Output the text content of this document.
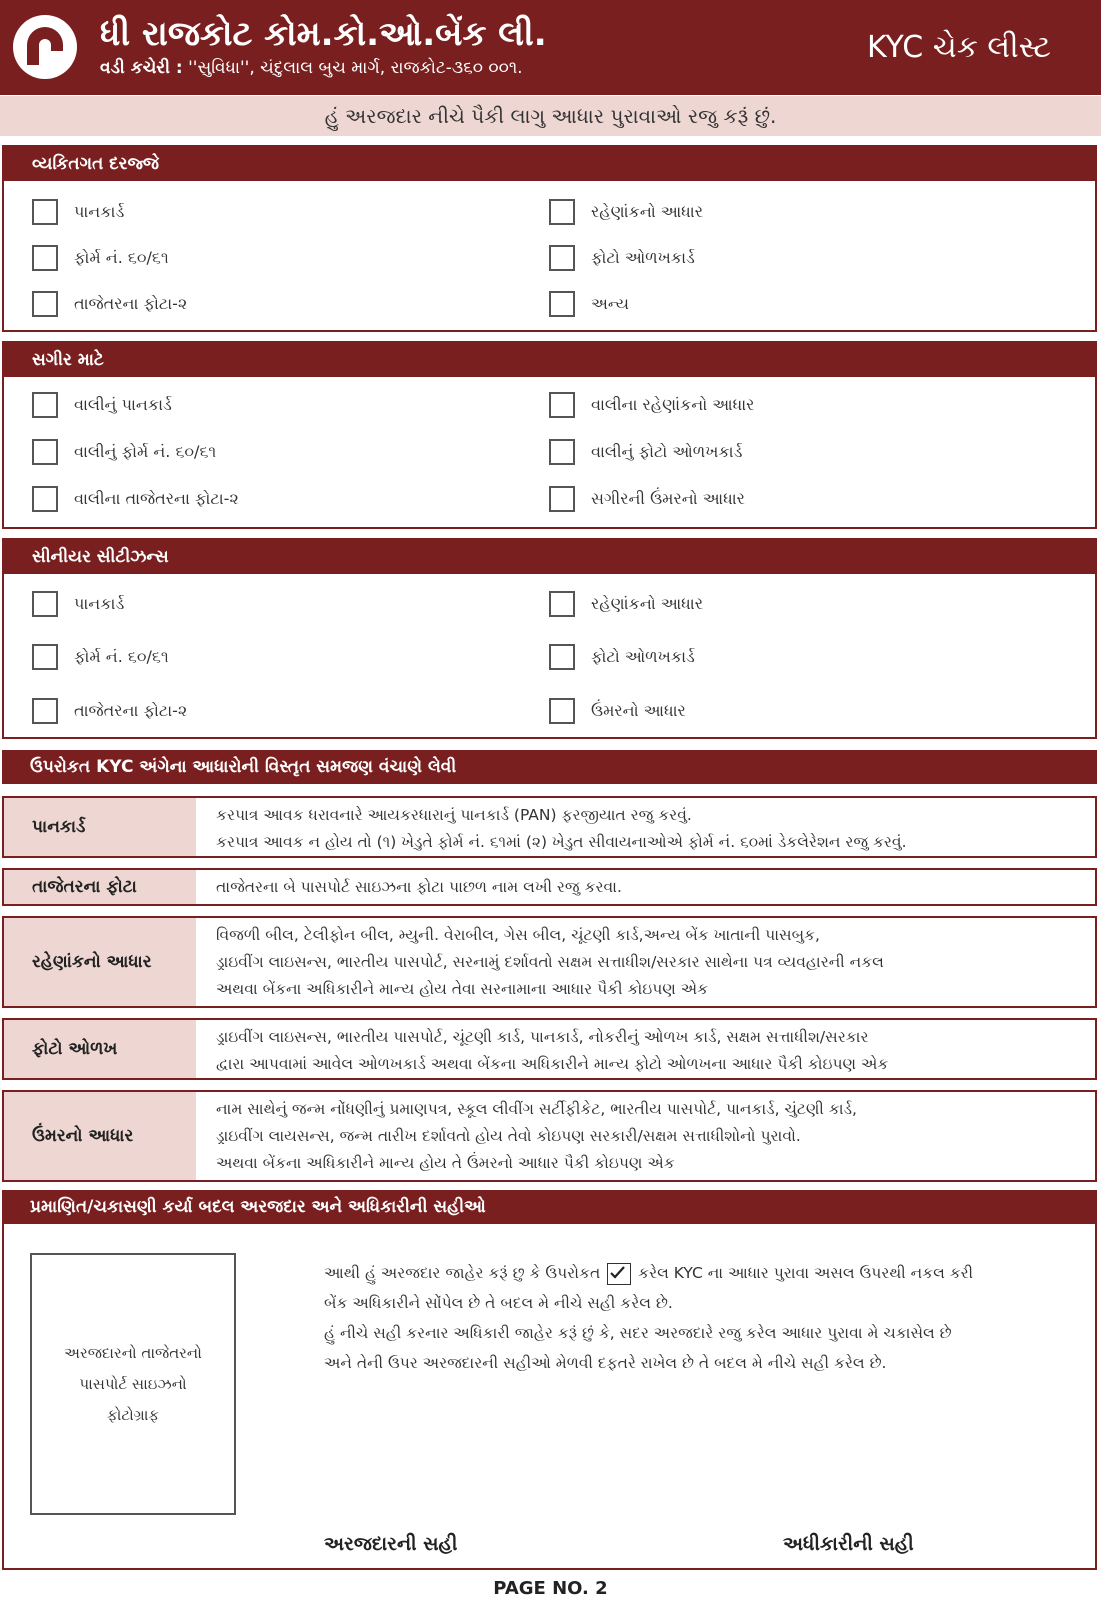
ધી રાજકોટ કોમ.કો.ઓ.બેંક લી.
વડી કચેરી : ''સુવિધા'', ચંદુલાલ બુચ માર્ગ, રાજકોટ-૩૬૦ ૦૦૧.
KYC ચેક લીસ્ટ
હું અરજદાર નીચે પૈકી લાગુ આધાર પુરાવાઓ રજુ કરૂં છું.
વ્યકિતગત દરજ્જે
પાનકાર્ડ
ફોર્મ નં. ૬૦/૬૧
તાજેતરના ફોટા-૨
રહેણાંકનો આધાર
ફોટો ઓળખકાર્ડ
અન્ય
સગીર માટે
વાલીનું પાનકાર્ડ
વાલીનું ફોર્મ નં. ૬૦/૬૧
વાલીના તાજેતરના ફોટા-૨
વાલીના રહેણાંકનો આધાર
વાલીનું ફોટો ઓળખકાર્ડ
સગીરની ઉંમરનો આધાર
સીનીયર સીટીઝન્સ
પાનકાર્ડ
ફોર્મ નં. ૬૦/૬૧
તાજેતરના ફોટા-૨
રહેણાંકનો આધાર
ફોટો ઓળખકાર્ડ
ઉંમરનો આધાર
ઉપરોકત KYC અંગેના આધારોની વિસ્તૃત સમજણ વંચાણે લેવી
પાનકાર્ડ
કરપાત્ર આવક ધરાવનારે આયકરધારાનું પાનકાર્ડ (PAN) ફરજીયાત રજુ કરવું.
કરપાત્ર આવક ન હોય તો (૧) ખેડુતે ફોર્મ નં. ૬૧માં (૨) ખેડુત સીવાયનાઓએ ફોર્મ નં. ૬૦માં ડેકલેરેશન રજુ કરવું.
તાજેતરના ફોટા	તાજેતરના બે પાસપોર્ટ સાઇઝના ફોટા પાછળ નામ લખી રજુ કરવા.
રહેણાંકનો આધાર
વિજળી બીલ, ટેલીફોન બીલ, મ્યુની. વેરાબીલ, ગેસ બીલ, ચૂંટણી કાર્ડ,અન્ય બેંક ખાતાની પાસબુક,
ડ્રાઇવીંગ લાઇસન્સ, ભારતીય પાસપોર્ટ, સરનામું દર્શાવતો સક્ષમ સત્તાધીશ/સરકાર સાથેના પત્ર વ્યવહારની નકલ
અથવા બેંકના અધિકારીને માન્ય હોય તેવા સરનામાના આધાર પૈકી કોઇપણ એક
ફોટો ઓળખ
ડ્રાઇવીંગ લાઇસન્સ, ભારતીય પાસપોર્ટ, ચૂંટણી કાર્ડ, પાનકાર્ડ, નોકરીનું ઓળખ કાર્ડ, સક્ષમ સત્તાધીશ/સરકાર
દ્વારા આપવામાં આવેલ ઓળખકાર્ડ અથવા બેંકના અધિકારીને માન્ય ફોટો ઓળખના આધાર પૈકી કોઇપણ એક
ઉંમરનો આધાર
નામ સાથેનું જન્મ નોંધણીનું પ્રમાણપત્ર, સ્કૂલ લીવીંગ સર્ટીફીકેટ, ભારતીય પાસપોર્ટ, પાનકાર્ડ, ચુંટણી કાર્ડ,
ડ્રાઇવીંગ લાયસન્સ, જન્મ તારીખ દર્શાવતો હોય તેવો કોઇપણ સરકારી/સક્ષમ સત્તાધીશોનો પુરાવો.
અથવા બેંકના અધિકારીને માન્ય હોય તે ઉંમરનો આધાર પૈકી કોઇપણ એક
પ્રમાણિત/ચકાસણી કર્યા બદલ અરજદાર અને અધિકારીની સહીઓ
અરજદારનો તાજેતરનો
પાસપોર્ટ સાઇઝનો
ફોટોગ્રાફ
આથી હું અરજદાર જાહેર કરૂં છુ કે ઉપરોકત કરેલ KYC ના આધાર પુરાવા અસલ ઉપરથી નકલ કરી
બેંક અધિકારીને સોંપેલ છે તે બદલ મે નીચે સહી કરેલ છે.
હું નીચે સહી કરનાર અધિકારી જાહેર કરૂં છું કે, સદર અરજદારે રજુ કરેલ આધાર પુરાવા મે ચકાસેલ છે
અને તેની ઉપર અરજદારની સહીઓ મેળવી દફતરે રાખેલ છે તે બદલ મે નીચે સહી કરેલ છે.
અરજદારની સહી	અધીકારીની સહી
PAGE NO. 2
